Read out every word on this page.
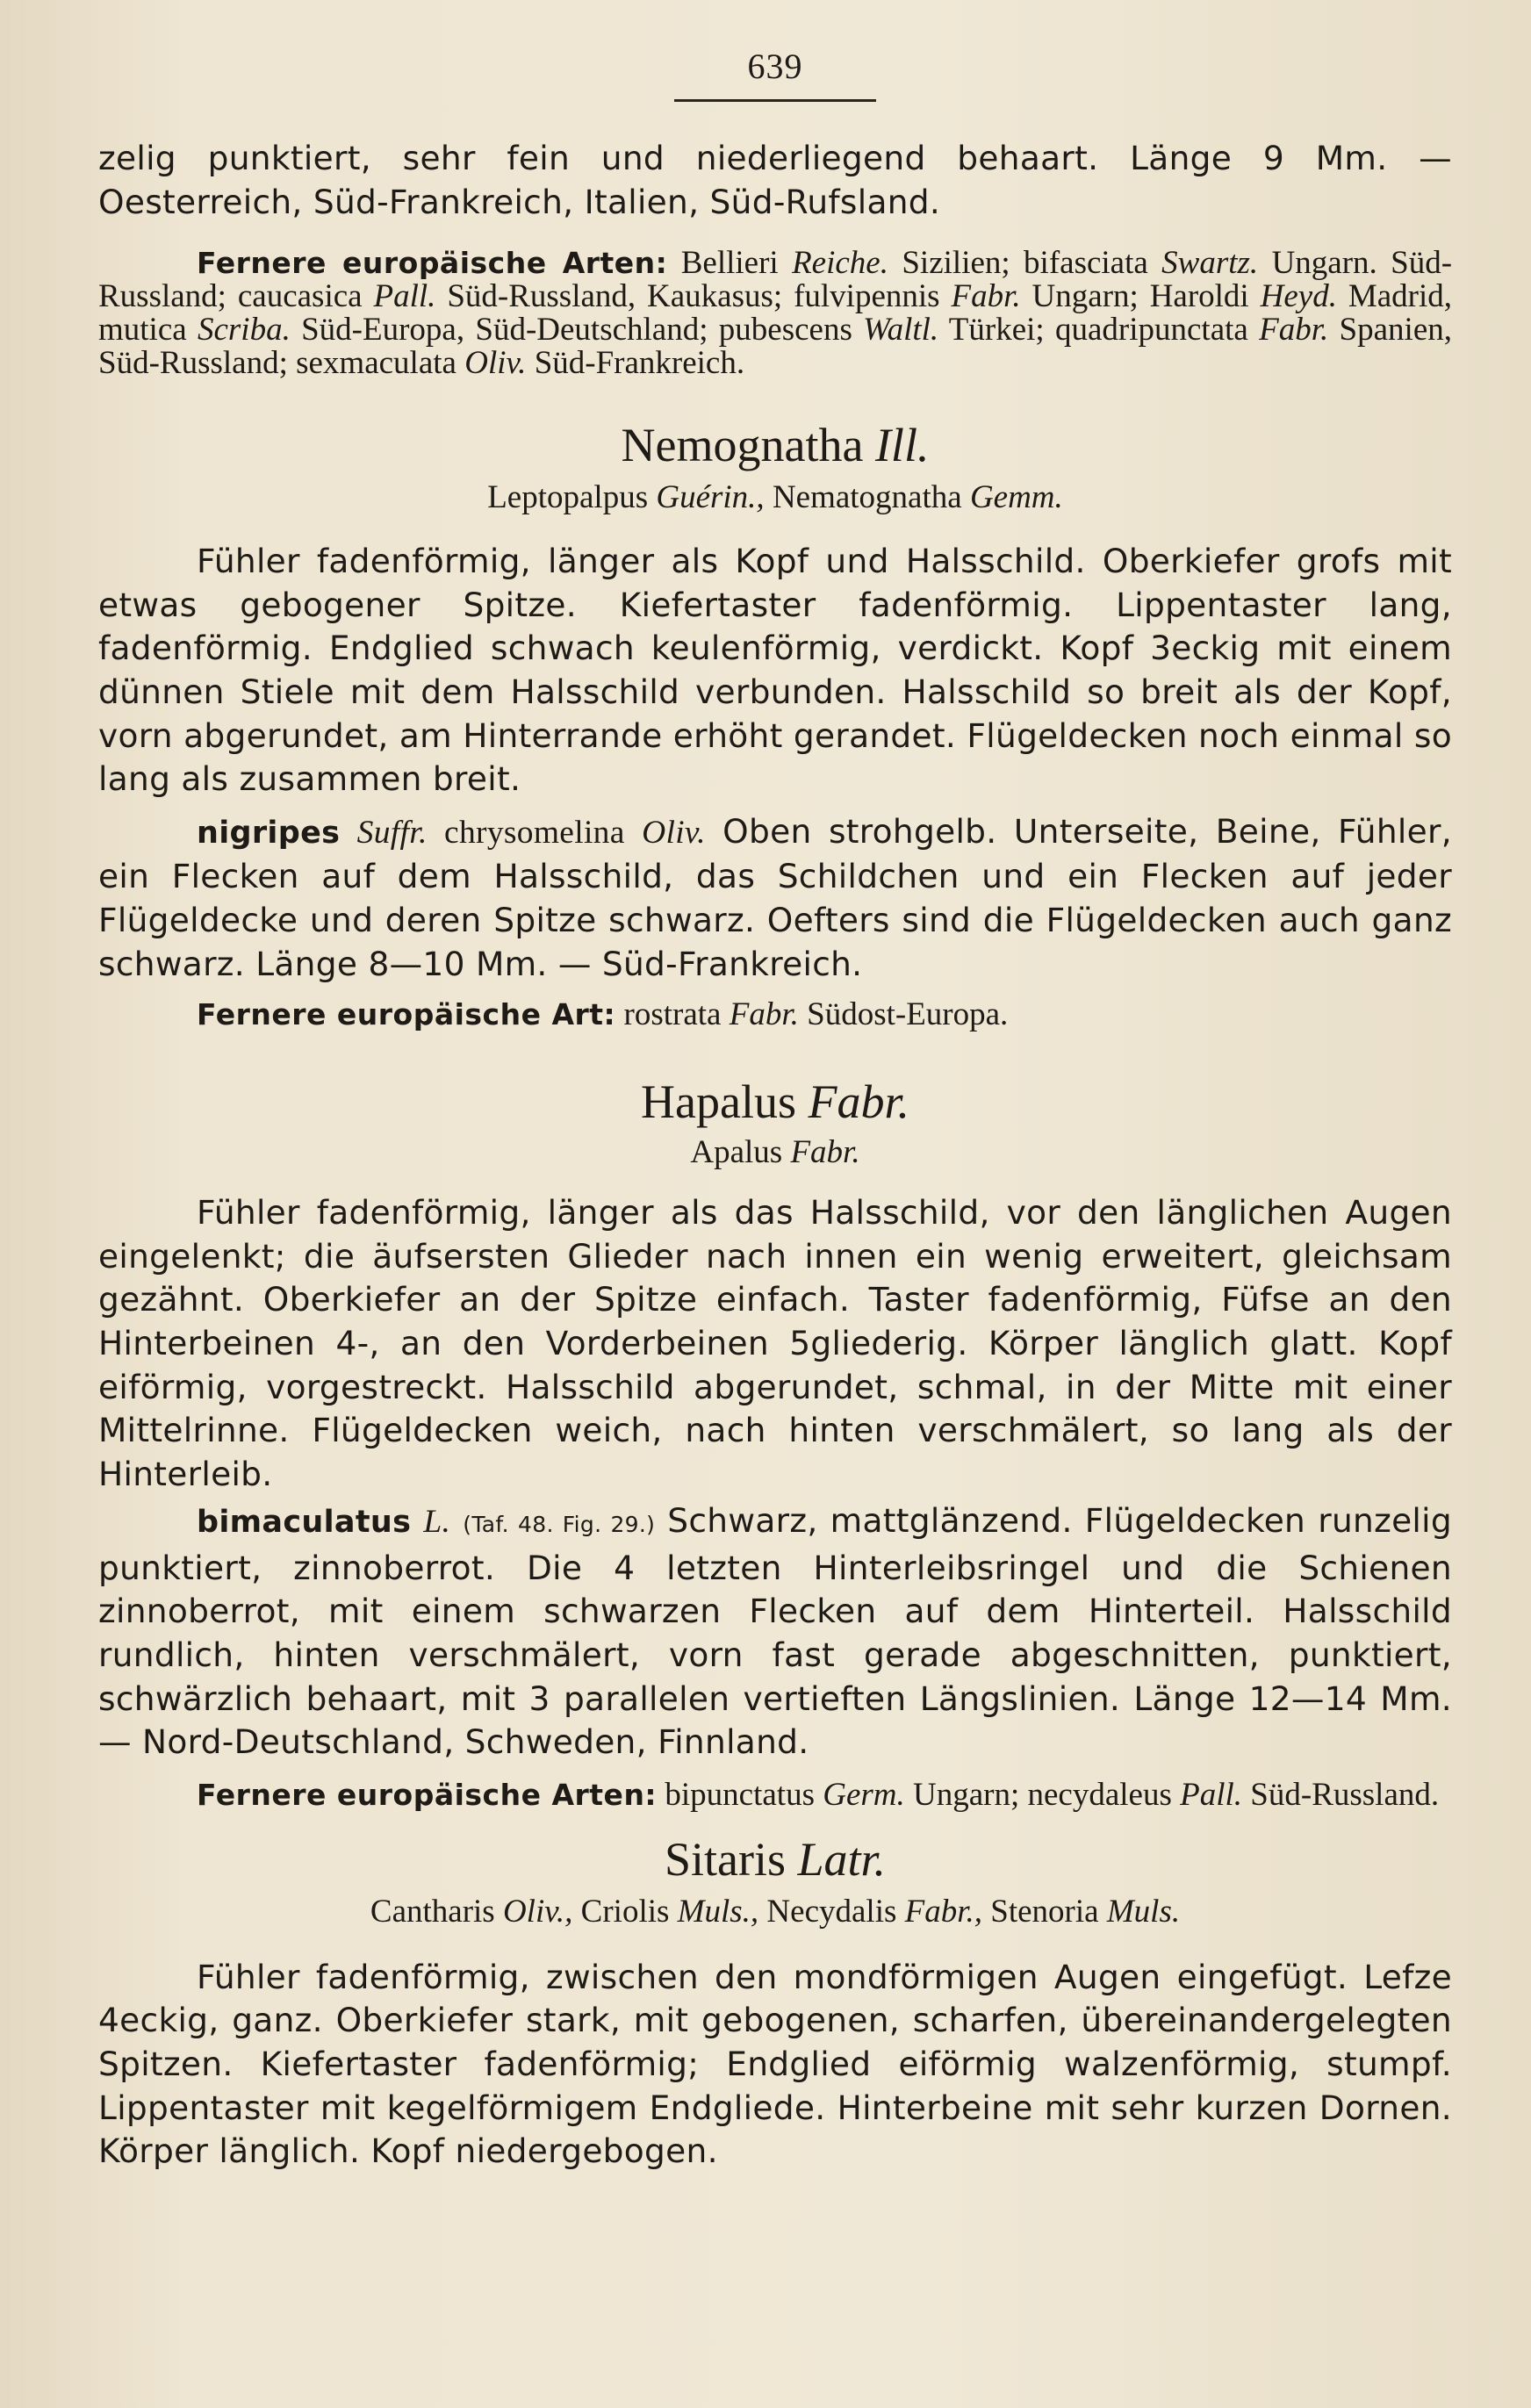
639

zelig punktiert, sehr fein und niederliegend behaart. Länge 9 Mm. — Oesterreich, Süd-Frankreich, Italien, Süd-Rufsland.

Fernere europäische Arten: Bellieri Reiche. Sizilien; bifasciata Swartz. Ungarn. Süd-Russland; caucasica Pall. Süd-Russland, Kaukasus; fulvipennis Fabr. Ungarn; Haroldi Heyd. Madrid, mutica Scriba. Süd-Europa, Süd-Deutschland; pubescens Waltl. Türkei; quadripunctata Fabr. Spanien, Süd-Russland; sexmaculata Oliv. Süd-Frankreich.

Nemognatha Ill.
Leptopalpus Guérin., Nematognatha Gemm.

Fühler fadenförmig, länger als Kopf und Halsschild. Oberkiefer grofs mit etwas gebogener Spitze. Kiefertaster fadenförmig. Lippentaster lang, fadenförmig. Endglied schwach keulenförmig, verdickt. Kopf 3eckig mit einem dünnen Stiele mit dem Halsschild verbunden. Halsschild so breit als der Kopf, vorn abgerundet, am Hinterrande erhöht gerandet. Flügeldecken noch einmal so lang als zusammen breit.

nigripes Suffr. chrysomelina Oliv. Oben strohgelb. Unterseite, Beine, Fühler, ein Flecken auf dem Halsschild, das Schildchen und ein Flecken auf jeder Flügeldecke und deren Spitze schwarz. Oefters sind die Flügeldecken auch ganz schwarz. Länge 8—10 Mm. — Süd-Frankreich.

Fernere europäische Art: rostrata Fabr. Südost-Europa.

Hapalus Fabr.
Apalus Fabr.

Fühler fadenförmig, länger als das Halsschild, vor den länglichen Augen eingelenkt; die äufsersten Glieder nach innen ein wenig erweitert, gleichsam gezähnt. Oberkiefer an der Spitze einfach. Taster fadenförmig, Füfse an den Hinterbeinen 4-, an den Vorderbeinen 5gliederig. Körper länglich glatt. Kopf eiförmig, vorgestreckt. Halsschild abgerundet, schmal, in der Mitte mit einer Mittelrinne. Flügeldecken weich, nach hinten verschmälert, so lang als der Hinterleib.

bimaculatus L. (Taf. 48. Fig. 29.) Schwarz, mattglänzend. Flügeldecken runzelig punktiert, zinnoberrot. Die 4 letzten Hinterleibsringel und die Schienen zinnoberrot, mit einem schwarzen Flecken auf dem Hinterteil. Halsschild rundlich, hinten verschmälert, vorn fast gerade abgeschnitten, punktiert, schwärzlich behaart, mit 3 parallelen vertieften Längslinien. Länge 12—14 Mm. — Nord-Deutschland, Schweden, Finnland.

Fernere europäische Arten: bipunctatus Germ. Ungarn; necydaleus Pall. Süd-Russland.

Sitaris Latr.
Cantharis Oliv., Criolis Muls., Necydalis Fabr., Stenoria Muls.

Fühler fadenförmig, zwischen den mondförmigen Augen eingefügt. Lefze 4eckig, ganz. Oberkiefer stark, mit gebogenen, scharfen, übereinandergelegten Spitzen. Kiefertaster fadenförmig; Endglied eiförmig walzenförmig, stumpf. Lippentaster mit kegelförmigem Endgliede. Hinterbeine mit sehr kurzen Dornen. Körper länglich. Kopf niedergebogen.
